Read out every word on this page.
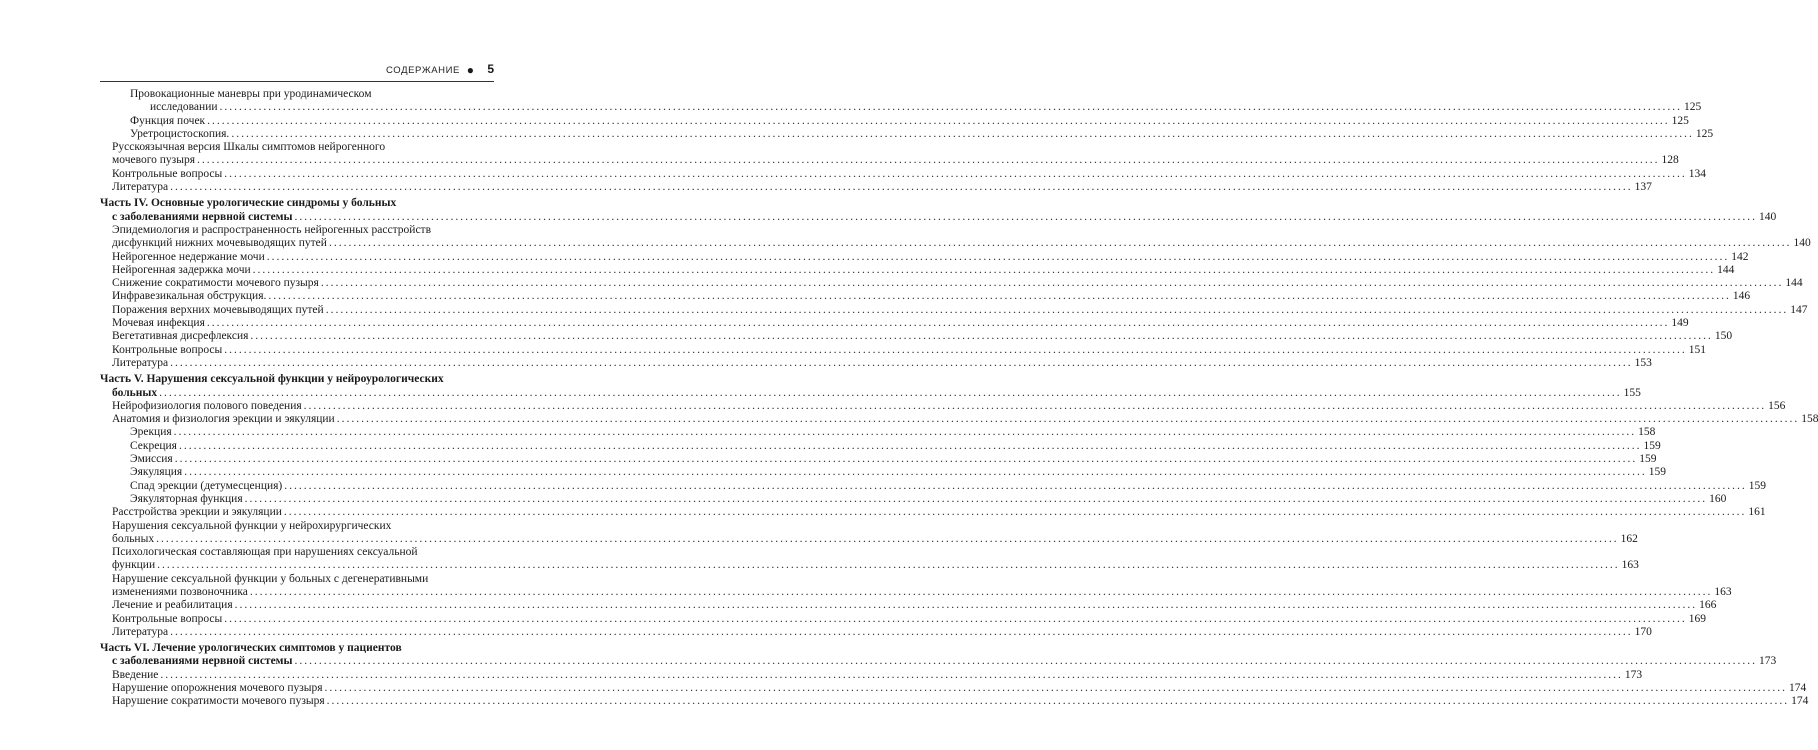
СОДЕРЖАНИЕ ● 5
Провокационные маневры при уродинамическом
исследовании ............................................................................................................................................................................................................................................................................................................ 125
Функция почек ............................................................................................................................................................................................................................................................................................................ 125
Уретроцистоскопия. ............................................................................................................................................................................................................................................................................................................ 125
Русскоязычная версия Шкалы симптомов нейрогенного
мочевого пузыря ............................................................................................................................................................................................................................................................................................................ 128
Контрольные вопросы ............................................................................................................................................................................................................................................................................................................ 134
Литература ............................................................................................................................................................................................................................................................................................................ 137
Часть IV. Основные урологические синдромы у больных
с заболеваниями нервной системы ............................................................................................................................................................................................................................................................................................................ 140
Эпидемиология и распространенность нейрогенных расстройств
дисфункций нижних мочевыводящих путей ............................................................................................................................................................................................................................................................................................................ 140
Нейрогенное недержание мочи ............................................................................................................................................................................................................................................................................................................ 142
Нейрогенная задержка мочи ............................................................................................................................................................................................................................................................................................................ 144
Снижение сократимости мочевого пузыря ............................................................................................................................................................................................................................................................................................................ 144
Инфравезикальная обструкция. ............................................................................................................................................................................................................................................................................................................ 146
Поражения верхних мочевыводящих путей ............................................................................................................................................................................................................................................................................................................ 147
Мочевая инфекция ............................................................................................................................................................................................................................................................................................................ 149
Вегетативная дисрефлексия ............................................................................................................................................................................................................................................................................................................ 150
Контрольные вопросы ............................................................................................................................................................................................................................................................................................................ 151
Литература ............................................................................................................................................................................................................................................................................................................ 153
Часть V. Нарушения сексуальной функции у нейроурологических
больных ............................................................................................................................................................................................................................................................................................................ 155
Нейрофизиология полового поведения ............................................................................................................................................................................................................................................................................................................ 156
Анатомия и физиология эрекции и эякуляции ............................................................................................................................................................................................................................................................................................................ 158
Эрекция ............................................................................................................................................................................................................................................................................................................ 158
Секреция ............................................................................................................................................................................................................................................................................................................ 159
Эмиссия ............................................................................................................................................................................................................................................................................................................ 159
Эякуляция ............................................................................................................................................................................................................................................................................................................ 159
Спад эрекции (детумесценция) ............................................................................................................................................................................................................................................................................................................ 159
Эякуляторная функция ............................................................................................................................................................................................................................................................................................................ 160
Расстройства эрекции и эякуляции ............................................................................................................................................................................................................................................................................................................ 161
Нарушения сексуальной функции у нейрохирургических
больных ............................................................................................................................................................................................................................................................................................................ 162
Психологическая составляющая при нарушениях сексуальной
функции ............................................................................................................................................................................................................................................................................................................ 163
Нарушение сексуальной функции у больных с дегенеративными
изменениями позвоночника ............................................................................................................................................................................................................................................................................................................ 163
Лечение и реабилитация ............................................................................................................................................................................................................................................................................................................ 166
Контрольные вопросы ............................................................................................................................................................................................................................................................................................................ 169
Литература ............................................................................................................................................................................................................................................................................................................ 170
Часть VI. Лечение урологических симптомов у пациентов
с заболеваниями нервной системы ............................................................................................................................................................................................................................................................................................................ 173
Введение ............................................................................................................................................................................................................................................................................................................ 173
Нарушение опорожнения мочевого пузыря ............................................................................................................................................................................................................................................................................................................ 174
Нарушение сократимости мочевого пузыря ............................................................................................................................................................................................................................................................................................................ 174
